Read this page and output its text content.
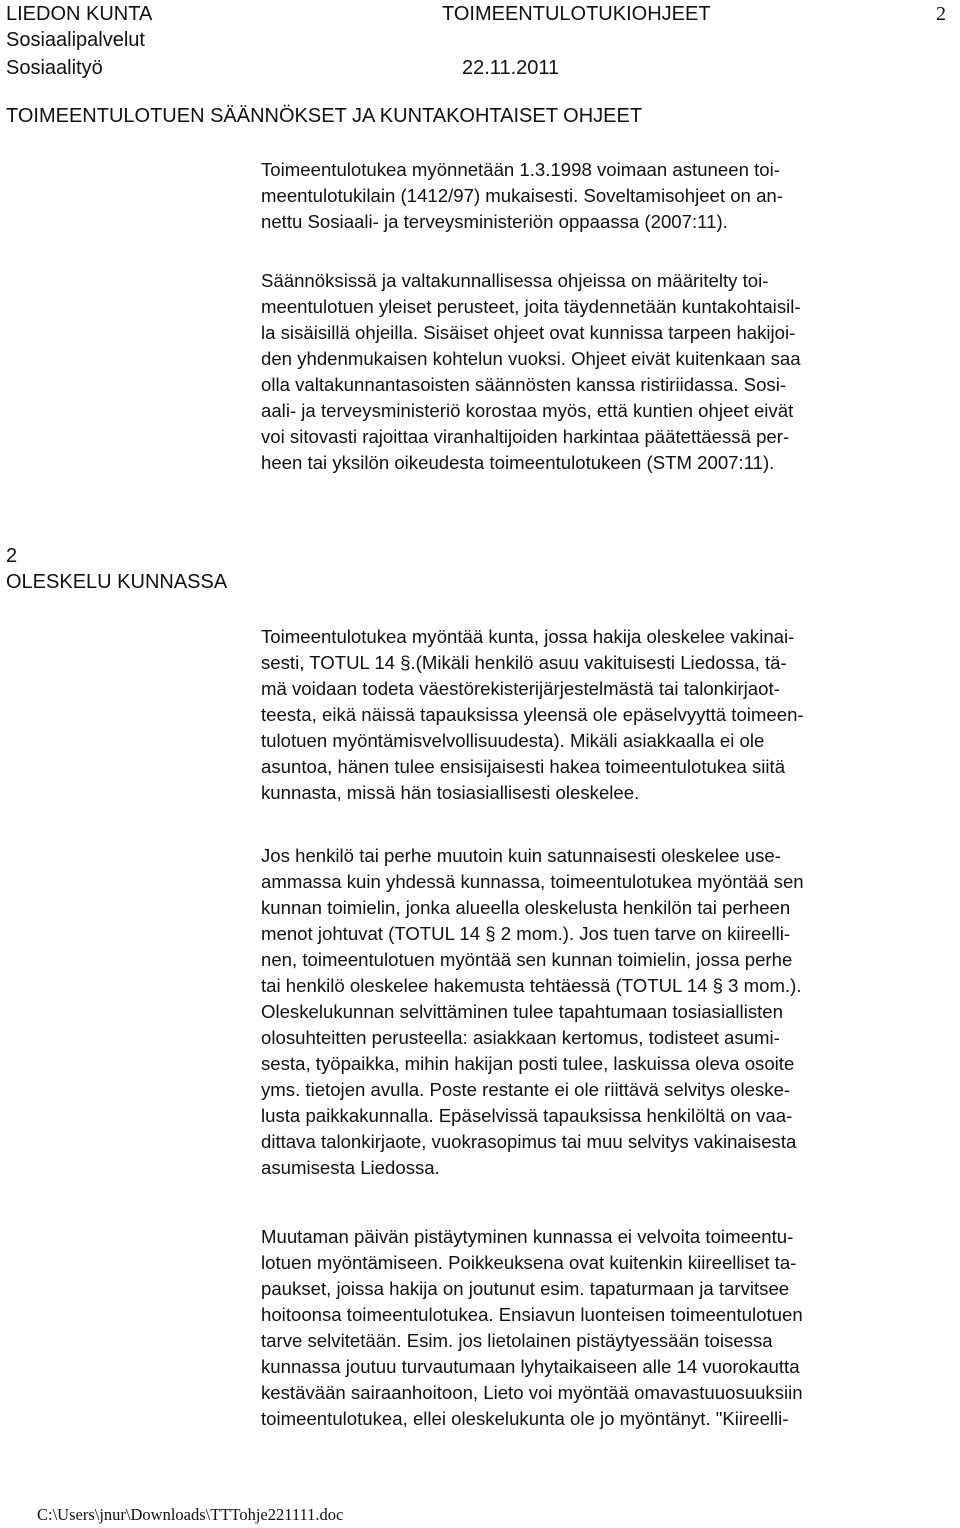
LIEDON KUNTA	TOIMEENTULOTUKIOHJEET	2
Sosiaalipalvelut
Sosiaalityö	22.11.2011
TOIMEENTULOTUEN SÄÄNNÖKSET JA KUNTAKOHTAISET OHJEET

Toimeentulotukea myönnetään 1.3.1998 voimaan astuneen toi-
meentulotukilain (1412/97) mukaisesti. Soveltamisohjeet on an-
nettu Sosiaali- ja terveysministeriön oppaassa (2007:11).

Säännöksissä ja valtakunnallisessa ohjeissa on määritelty toi-
meentulotuen yleiset perusteet, joita täydennetään kuntakohtaisil-
la sisäisillä ohjeilla. Sisäiset ohjeet ovat kunnissa tarpeen hakijoi-
den yhdenmukaisen kohtelun vuoksi. Ohjeet eivät kuitenkaan saa
olla valtakunnantasoisten säännösten kanssa ristiriidassa. Sosi-
aali- ja terveysministeriö korostaa myös, että kuntien ohjeet eivät
voi sitovasti rajoittaa viranhaltijoiden harkintaa päätettäessä per-
heen tai yksilön oikeudesta toimeentulotukeen (STM 2007:11).

2
OLESKELU KUNNASSA

Toimeentulotukea myöntää kunta, jossa hakija oleskelee vakinai-
sesti, TOTUL 14 §.(Mikäli henkilö asuu vakituisesti Liedossa, tä-
mä voidaan todeta väestörekisterijärjestelmästä tai talonkirjaot-
teesta, eikä näissä tapauksissa yleensä ole epäselvyyttä toimeen-
tulotuen myöntämisvelvollisuudesta). Mikäli asiakkaalla ei ole
asuntoa, hänen tulee ensisijaisesti hakea toimeentulotukea siitä
kunnasta, missä hän tosiasiallisesti oleskelee.

Jos henkilö tai perhe muutoin kuin satunnaisesti oleskelee use-
ammassa kuin yhdessä kunnassa, toimeentulotukea myöntää sen
kunnan toimielin, jonka alueella oleskelusta henkilön tai perheen
menot johtuvat (TOTUL 14 § 2 mom.). Jos tuen tarve on kiireelli-
nen, toimeentulotuen myöntää sen kunnan toimielin, jossa perhe
tai henkilö oleskelee hakemusta tehtäessä (TOTUL 14 § 3 mom.).
Oleskelukunnan selvittäminen tulee tapahtumaan tosiasiallisten
olosuhteitten perusteella: asiakkaan kertomus, todisteet asumi-
sesta, työpaikka, mihin hakijan posti tulee, laskuissa oleva osoite
yms. tietojen avulla. Poste restante ei ole riittävä selvitys oleske-
lusta paikkakunnalla. Epäselvissä tapauksissa henkilöltä on vaa-
dittava talonkirjaote, vuokrasopimus tai muu selvitys vakinaisesta
asumisesta Liedossa.

Muutaman päivän pistäytyminen kunnassa ei velvoita toimeentu-
lotuen myöntämiseen. Poikkeuksena ovat kuitenkin kiireelliset ta-
paukset, joissa hakija on joutunut esim. tapaturmaan ja tarvitsee
hoitoonsa toimeentulotukea. Ensiavun luonteisen toimeentulotuen
tarve selvitetään. Esim. jos lietolainen pistäytyessään toisessa
kunnassa joutuu turvautumaan lyhytaikaiseen alle 14 vuorokautta
kestävään sairaanhoitoon, Lieto voi myöntää omavastuuosuuksiin
toimeentulotukea, ellei oleskelukunta ole jo myöntänyt. "Kiireelli-

C:\Users\jnur\Downloads\TTTohje221111.doc
